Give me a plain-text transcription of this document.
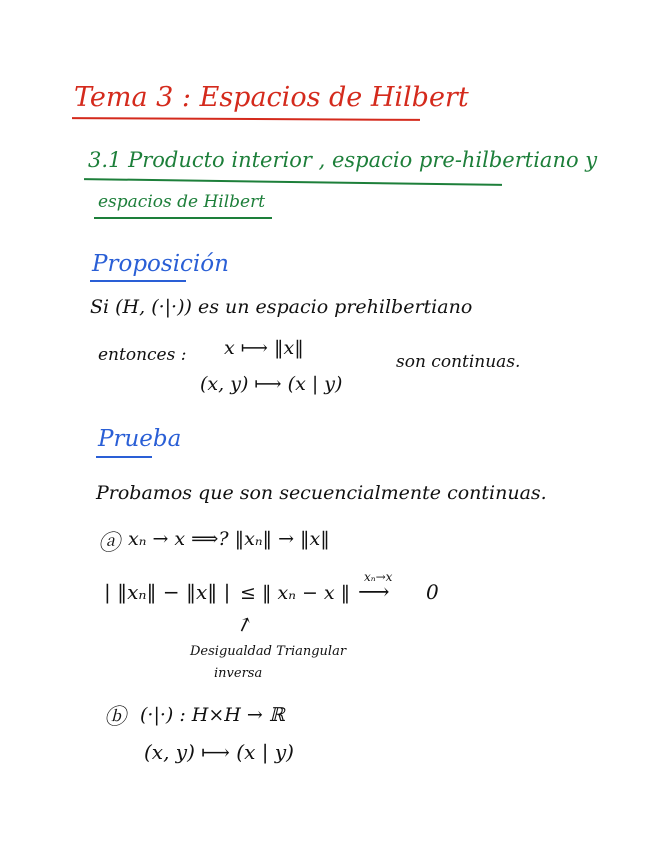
Tema 3 : Espacios de Hilbert
3.1 Producto interior , espacio pre-hilbertiano y
espacios de Hilbert
Proposición
Si (H, (·|·)) es un espacio prehilbertiano
entonces : x ⟼ ‖x‖
(x, y) ⟼ (x | y)
son continuas.
Prueba
Probamos que son secuencialmente continuas.
ⓐ xₙ → x ⟹? ‖xₙ‖ → ‖x‖
| ‖xₙ‖ − ‖x‖ | ≤ ‖ xₙ − x ‖
xₙ→x
⟶ 0
↗
Desigualdad Triangular
inversa
ⓑ (·|·) : H×H → ℝ
(x, y) ⟼ (x | y)
